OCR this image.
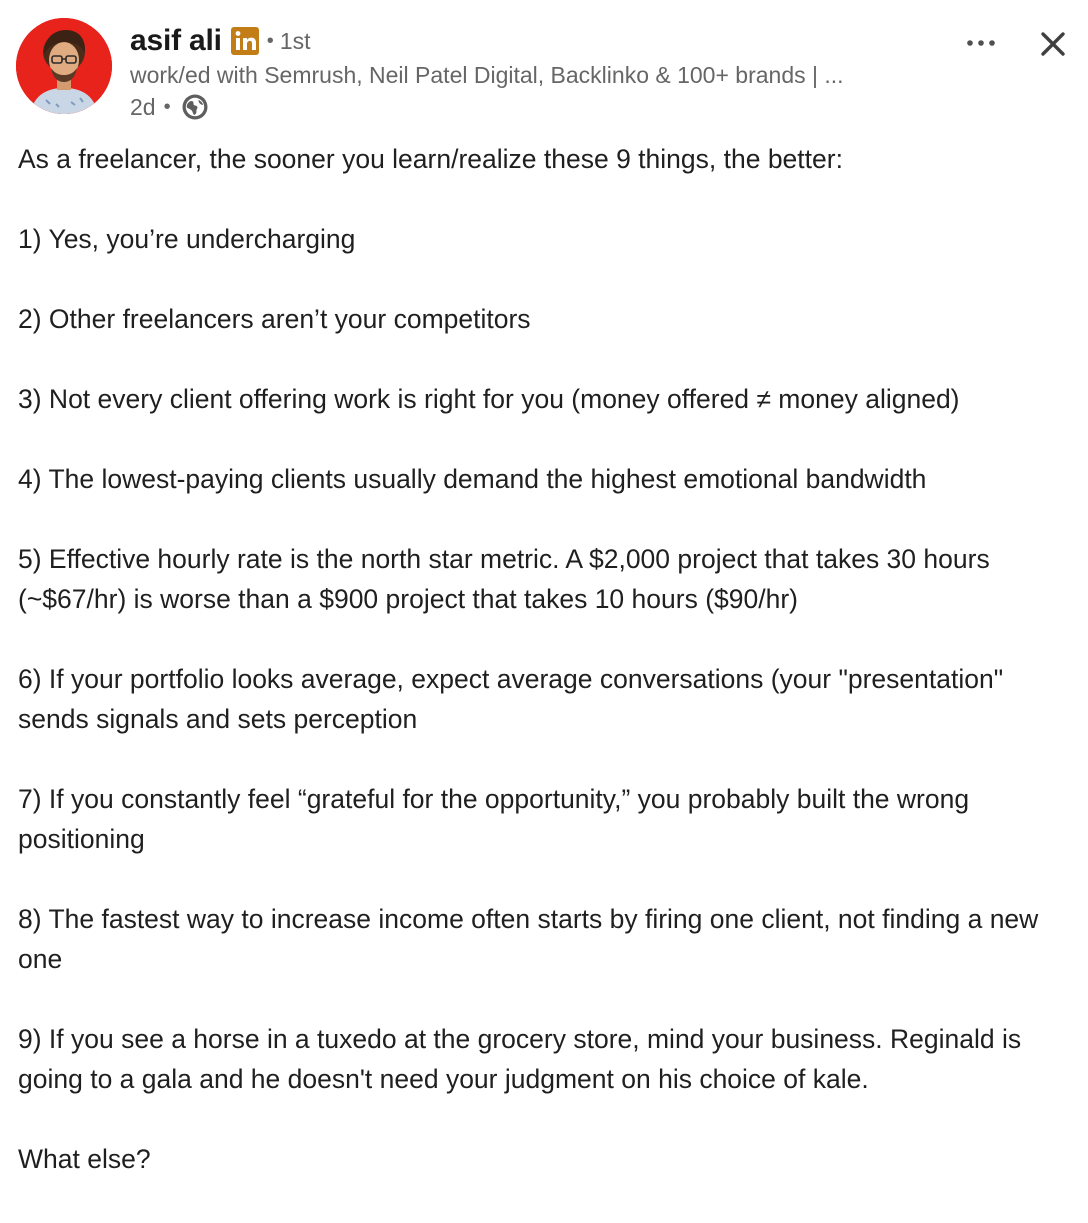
asif ali • 1st
work/ed with Semrush, Neil Patel Digital, Backlinko & 100+ brands | ...
2d •

As a freelancer, the sooner you learn/realize these 9 things, the better:

1) Yes, you’re undercharging

2) Other freelancers aren’t your competitors

3) Not every client offering work is right for you (money offered ≠ money aligned)

4) The lowest-paying clients usually demand the highest emotional bandwidth

5) Effective hourly rate is the north star metric. A $2,000 project that takes 30 hours (~$67/hr) is worse than a $900 project that takes 10 hours ($90/hr)

6) If your portfolio looks average, expect average conversations (your "presentation" sends signals and sets perception

7) If you constantly feel “grateful for the opportunity,” you probably built the wrong positioning

8) The fastest way to increase income often starts by firing one client, not finding a new one

9) If you see a horse in a tuxedo at the grocery store, mind your business. Reginald is going to a gala and he doesn't need your judgment on his choice of kale.

What else?
